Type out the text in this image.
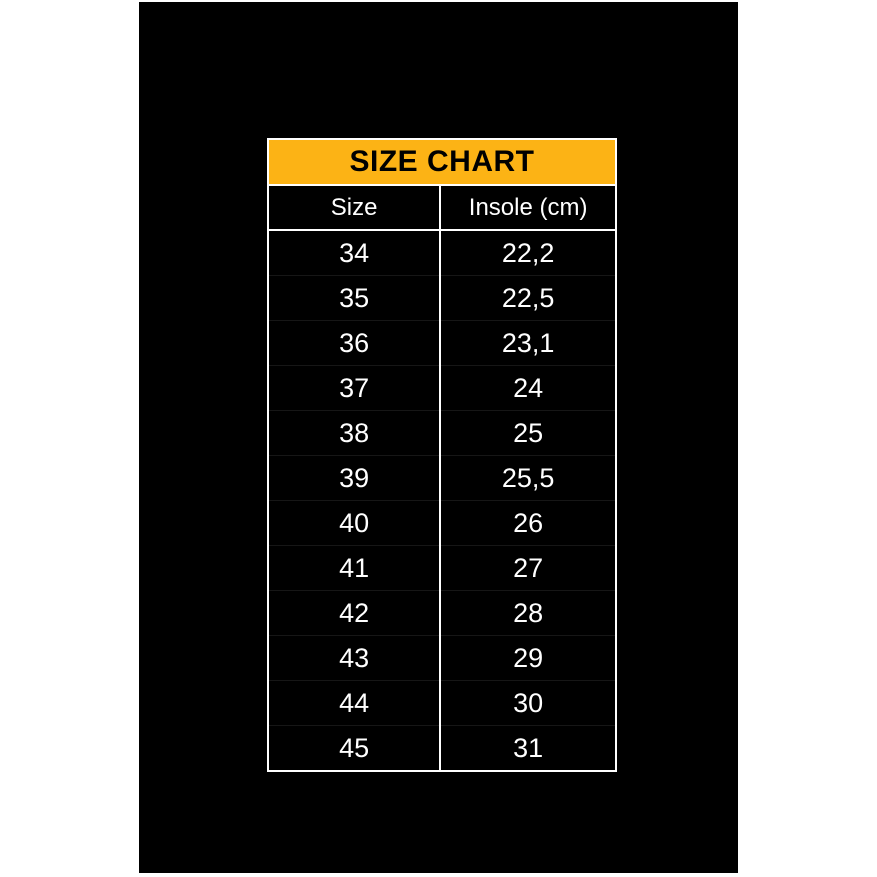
SIZE CHART	
Size	Insole (cm)
34	22,2
35	22,5
36	23,1
37	24
38	25
39	25,5
40	26
41	27
42	28
43	29
44	30
45	31
